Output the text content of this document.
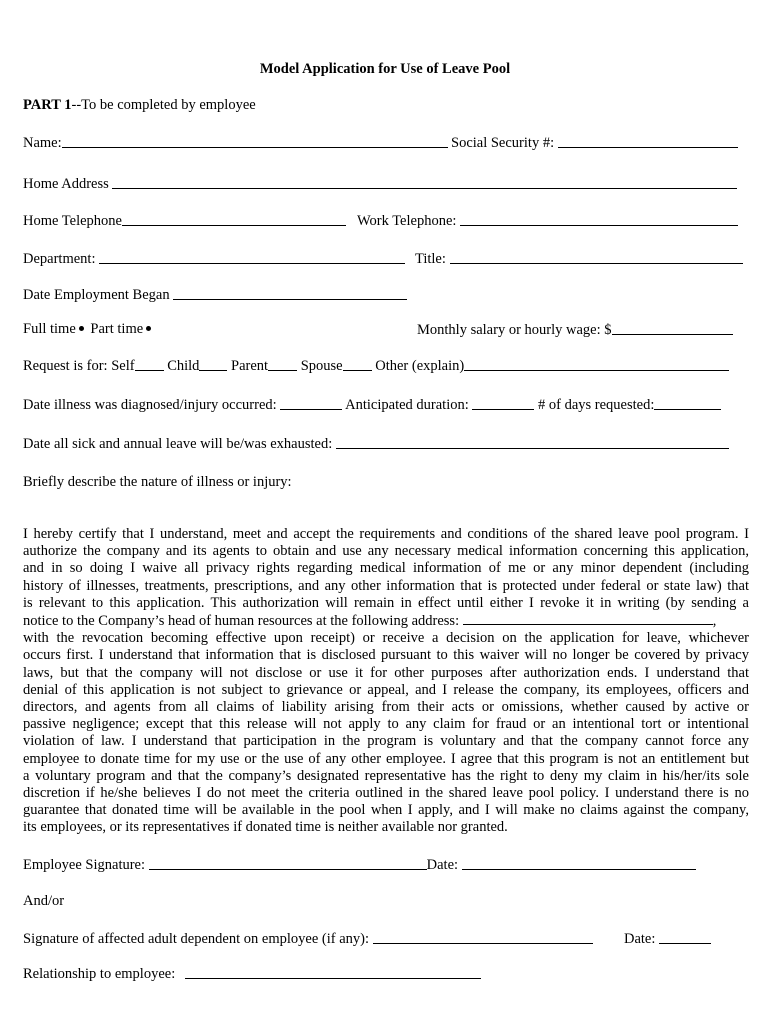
Model Application for Use of Leave Pool
PART 1--To be completed by employee
Name:	Social Security #:
Home Address
Home Telephone	Work Telephone:
Department:	Title:
Date Employment Began
Full time Part time	Monthly salary or hourly wage: $
Request is for: Self Child Parent Spouse Other (explain)
Date illness was diagnosed/injury occurred:	Anticipated duration:	# of days requested:
Date all sick and annual leave will be/was exhausted:
Briefly describe the nature of illness or injury:
I hereby certify that I understand, meet and accept the requirements and conditions of the shared leave pool program. I
authorize the company and its agents to obtain and use any necessary medical information concerning this application,
and in so doing I waive all privacy rights regarding medical information of me or any minor dependent (including
history of illnesses, treatments, prescriptions, and any other information that is protected under federal or state law) that
is relevant to this application. This authorization will remain in effect until either I revoke it in writing (by sending a
notice to the Company’s head of human resources at the following address:	,
with the revocation becoming effective upon receipt) or receive a decision on the application for leave, whichever
occurs first. I understand that information that is disclosed pursuant to this waiver will no longer be covered by privacy
laws, but that the company will not disclose or use it for other purposes after authorization ends. I understand that
denial of this application is not subject to grievance or appeal, and I release the company, its employees, officers and
directors, and agents from all claims of liability arising from their acts or omissions, whether caused by active or
passive negligence; except that this release will not apply to any claim for fraud or an intentional tort or intentional
violation of law. I understand that participation in the program is voluntary and that the company cannot force any
employee to donate time for my use or the use of any other employee. I agree that this program is not an entitlement but
a voluntary program and that the company’s designated representative has the right to deny my claim in his/her/its sole
discretion if he/she believes I do not meet the criteria outlined in the shared leave pool policy. I understand there is no
guarantee that donated time will be available in the pool when I apply, and I will make no claims against the company,
its employees, or its representatives if donated time is neither available nor granted.
Employee Signature:	Date:
And/or
Signature of affected adult dependent on employee (if any):	Date:
Relationship to employee:
